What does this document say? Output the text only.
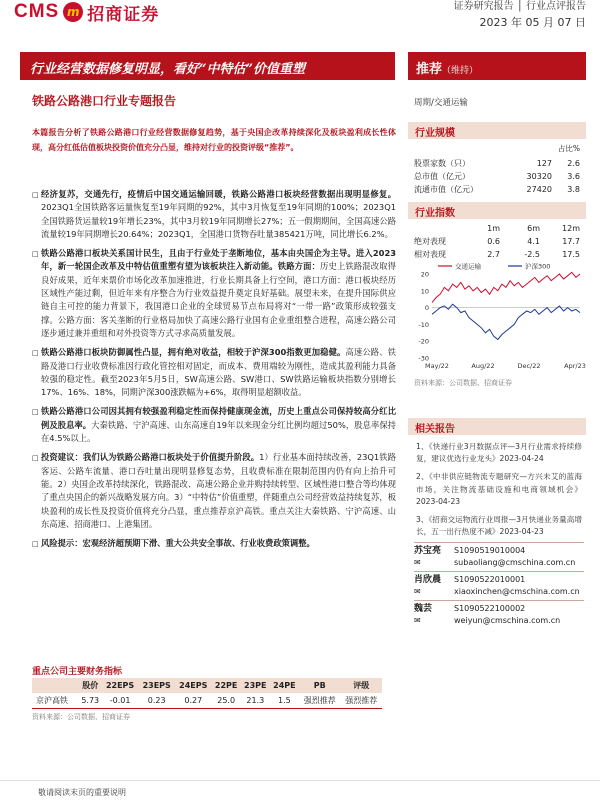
CMS m 招商证券	证券研究报告 │ 行业点评报告
2023 年 05 月 07 日
行业经营数据修复明显，看好“中特估”价值重塑	推荐（维持）
铁路公路港口行业专题报告	周期/交通运输
本篇报告分析了铁路公路港口行业经营数据修复趋势，基于央国企改革持续深化及板块盈利成长性体现，高分红低估值板块投资价值充分凸显，维持对行业的投资评级“推荐”。
□ 经济复苏，交通先行，疫情后中国交通运输回暖，铁路公路港口板块经营数据出现明显修复。2023Q1全国铁路客运量恢复至19年同期的92%，其中3月恢复至19年同期的100%；2023Q1全国铁路货运量较19年增长23%，其中3月较19年同期增长27%；五一假期期间，全国高速公路流量较19年同期增长20.64%；2023Q1，全国港口货物吞吐量385421万吨，同比增长6.2%。
□ 铁路公路港口板块关系国计民生，且由于行业处于垄断地位，基本由央国企为主导。进入2023年，新一轮国企改革及中特估值重塑有望为该板块注入新动能。铁路方面：历史上铁路混改取得良好成果，近年来票价市场化改革加速推进，行业长期具备上行空间，港口方面：港口板块经历区域性产能过剩，但近年来有序整合为行业效益提升奠定良好基础。展望未来，在提升国际供应链自主可控的能力背景下，我国港口企业的全球贸易节点布局将对“一带一路”政策形成较强支撑。公路方面：客关垄断的行业格局加快了高速公路行业国有企业重组整合进程，高速公路公司逐步通过兼并重组和对外投资等方式寻求高质量发展。
□ 铁路公路港口板块防御属性凸显，拥有绝对收益，相较于沪深300指数更加稳健。高速公路、铁路及港口行业收费标准因行政化管控相对固定，而成本、费用端较为刚性，造成其盈利能力具备较强的稳定性。截至2023年5月5日，SW高速公路、SW港口、SW铁路运输板块指数分别增长17%、16%、18%，同期沪深300涨跌幅为+6%，取得明显超额收益。
□ 铁路公路港口公司因其拥有较强盈利稳定性而保持健康现金流，历史上重点公司保持较高分红比例及股息率。大秦铁路、宁沪高速、山东高速自19年以来现金分红比例均超过50%，股息率保持在4.5%以上。
□ 投资建议：我们认为铁路公路港口板块处于价值提升阶段。1）行业基本面持续改善，23Q1铁路客运、公路车流量、港口吞吐量出现明显修复态势，且收费标准在限制范围内仍有向上抬升可能。2）央国企改革持续深化，铁路混改、高速公路企业并购持续转型、区域性港口整合等均体现了重点央国企的新兴战略发展方向。3）“中特估”价值重塑，伴随重点公司经营效益持续复苏，板块盈利的成长性及投资价值将充分凸显，重点推荐京沪高铁。重点关注大秦铁路、宁沪高速、山东高速、招商港口、上港集团。
□ 风险提示：宏观经济超预期下滑、重大公共安全事故、行业收费政策调整。
行业规模
占比%
股票家数（只）	127	2.6
总市值（亿元）	30320	3.6
流通市值（亿元）	27420	3.8
行业指数
1m	6m	12m
绝对表现	0.6	4.1	17.7
相对表现	2.7	-2.5	17.5
20
10
0
-10
-20
-30
May/22	Aug/22	Dec/22	Apr/23
交通运输	沪深300
资料来源：公司数据、招商证券
相关报告
1、《快递行业3月数据点评—3月行业需求持续修复，建议优选行业龙头》2023-04-24
2、《中非供应链物流专题研究—方兴未艾的蓝海市场，关注物流基础设施和电商领域机会》2023-04-23
3、《招商交运物流行业周报—3月快递业务量高增长，五一出行热度不减》2023-04-23
苏宝亮 S1090519010004
✉	subaoliang@cmschina.com.cn
肖欣晨 S1090522010001
✉	xiaoxinchen@cmschina.com.cn
魏芸	S1090522100002
✉	weiyun@cmschina.com.cn
重点公司主要财务指标
	股价	22EPS	23EPS	24EPS	22PE	23PE	24PE	PB	评级
京沪高铁	5.73	-0.01	0.23	0.27	25.0	21.3	1.5	强烈推荐	强烈推荐
资料来源：公司数据、招商证券
敬请阅读末页的重要说明
